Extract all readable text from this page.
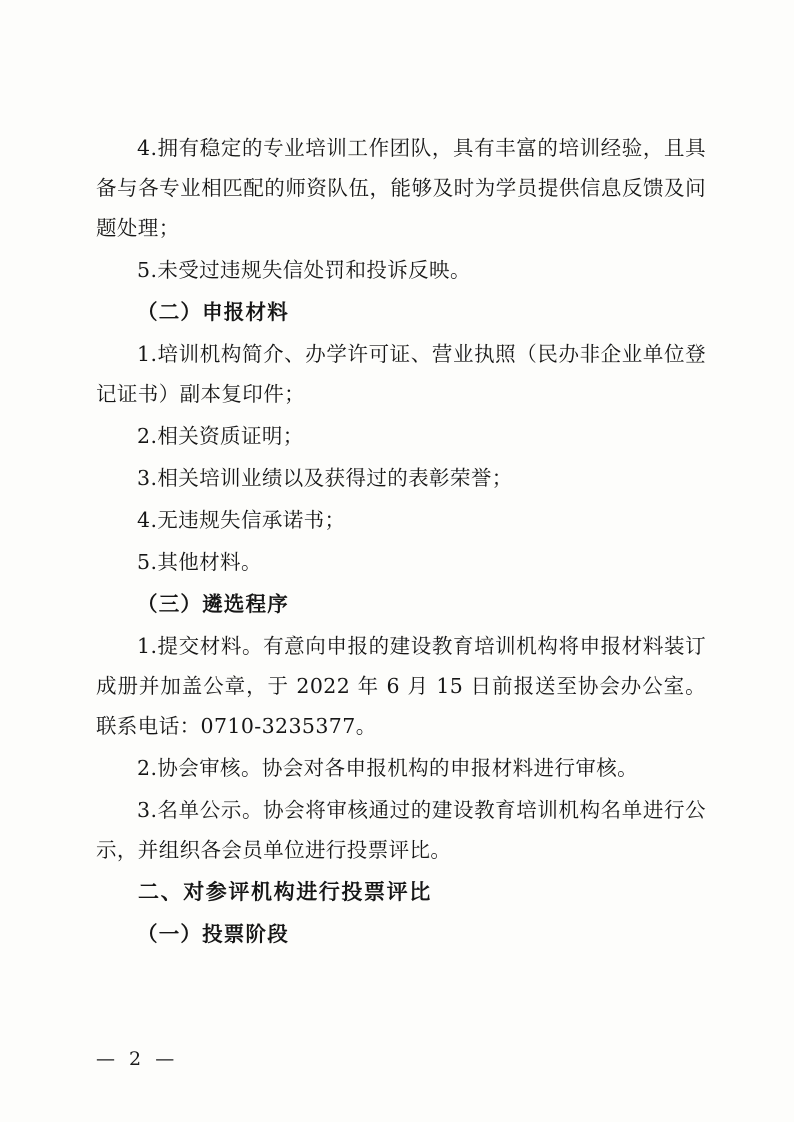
4.拥有稳定的专业培训工作团队，具有丰富的培训经验，且具备与各专业相匹配的师资队伍，能够及时为学员提供信息反馈及问题处理；

5.未受过违规失信处罚和投诉反映。

（二）申报材料

1.培训机构简介、办学许可证、营业执照（民办非企业单位登记证书）副本复印件；

2.相关资质证明；

3.相关培训业绩以及获得过的表彰荣誉；

4.无违规失信承诺书；

5.其他材料。

（三）遴选程序

1.提交材料。有意向申报的建设教育培训机构将申报材料装订成册并加盖公章，于 2022 年 6 月 15 日前报送至协会办公室。联系电话：0710-3235377。

2.协会审核。协会对各申报机构的申报材料进行审核。

3.名单公示。协会将审核通过的建设教育培训机构名单进行公示，并组织各会员单位进行投票评比。

二、对参评机构进行投票评比

（一）投票阶段

— 2 —
